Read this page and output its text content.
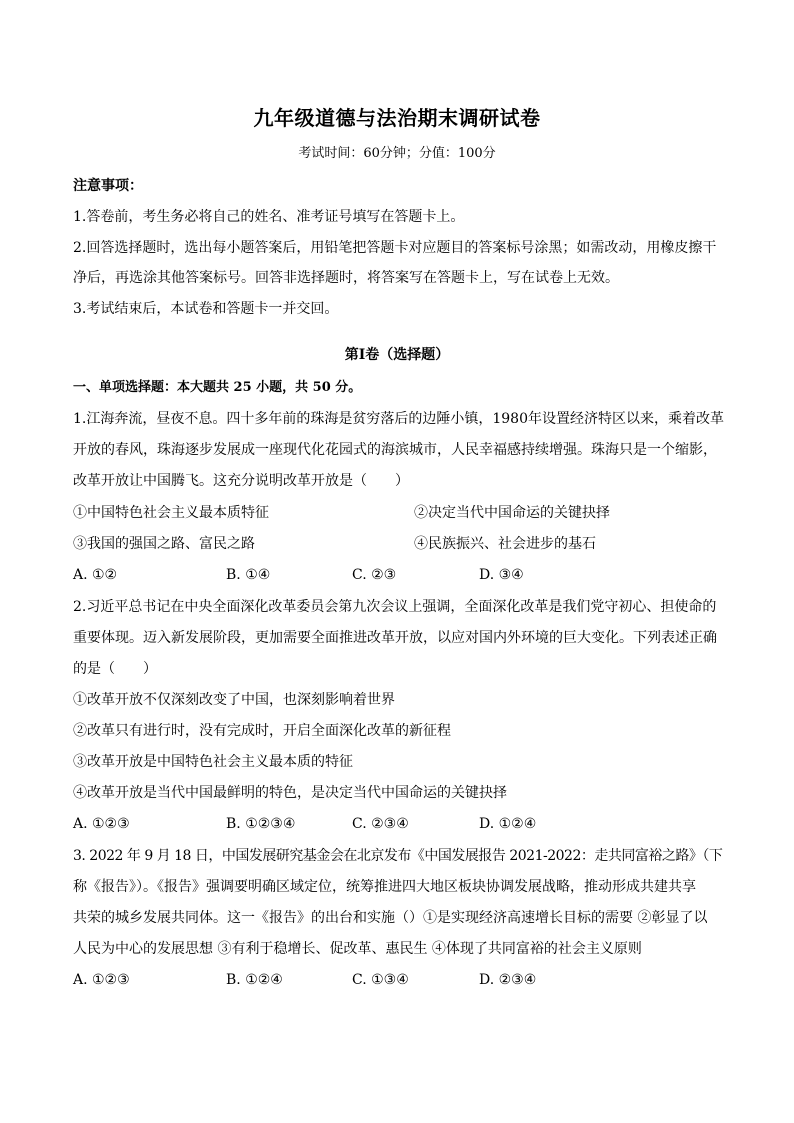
九年级道德与法治期末调研试卷
考试时间：60分钟；分值：100分
注意事项：
1.答卷前，考生务必将自己的姓名、准考证号填写在答题卡上。
2.回答选择题时，选出每小题答案后，用铅笔把答题卡对应题目的答案标号涂黑；如需改动，用橡皮擦干
净后，再选涂其他答案标号。回答非选择题时，将答案写在答题卡上，写在试卷上无效。
3.考试结束后，本试卷和答题卡一并交回。
第I卷（选择题）
一、单项选择题：本大题共 25 小题，共 50 分。
1.江海奔流，昼夜不息。四十多年前的珠海是贫穷落后的边陲小镇，1980年设置经济特区以来，乘着改革
开放的春风，珠海逐步发展成一座现代化花园式的海滨城市，人民幸福感持续增强。珠海只是一个缩影，
改革开放让中国腾飞。这充分说明改革开放是（　　）
①中国特色社会主义最本质特征	②决定当代中国命运的关键抉择
③我国的强国之路、富民之路	④民族振兴、社会进步的基石
A. ①②	B. ①④	C. ②③	D. ③④
2.习近平总书记在中央全面深化改革委员会第九次会议上强调，全面深化改革是我们党守初心、担使命的
重要体现。迈入新发展阶段，更加需要全面推进改革开放，以应对国内外环境的巨大变化。下列表述正确
的是（　　）
①改革开放不仅深刻改变了中国，也深刻影响着世界
②改革只有进行时，没有完成时，开启全面深化改革的新征程
③改革开放是中国特色社会主义最本质的特征
④改革开放是当代中国最鲜明的特色，是决定当代中国命运的关键抉择
A. ①②③	B. ①②③④	C. ②③④	D. ①②④
3. 2022 年 9 月 18 日，中国发展研究基金会在北京发布《中国发展报告 2021-2022：走共同富裕之路》（下
称《报告》）。《报告》强调要明确区域定位，统筹推进四大地区板块协调发展战略，推动形成共建共享
共荣的城乡发展共同体。这一《报告》的出台和实施（）①是实现经济高速增长目标的需要 ②彰显了以
人民为中心的发展思想 ③有利于稳增长、促改革、惠民生 ④体现了共同富裕的社会主义原则
A. ①②③	B. ①②④	C. ①③④	D. ②③④
